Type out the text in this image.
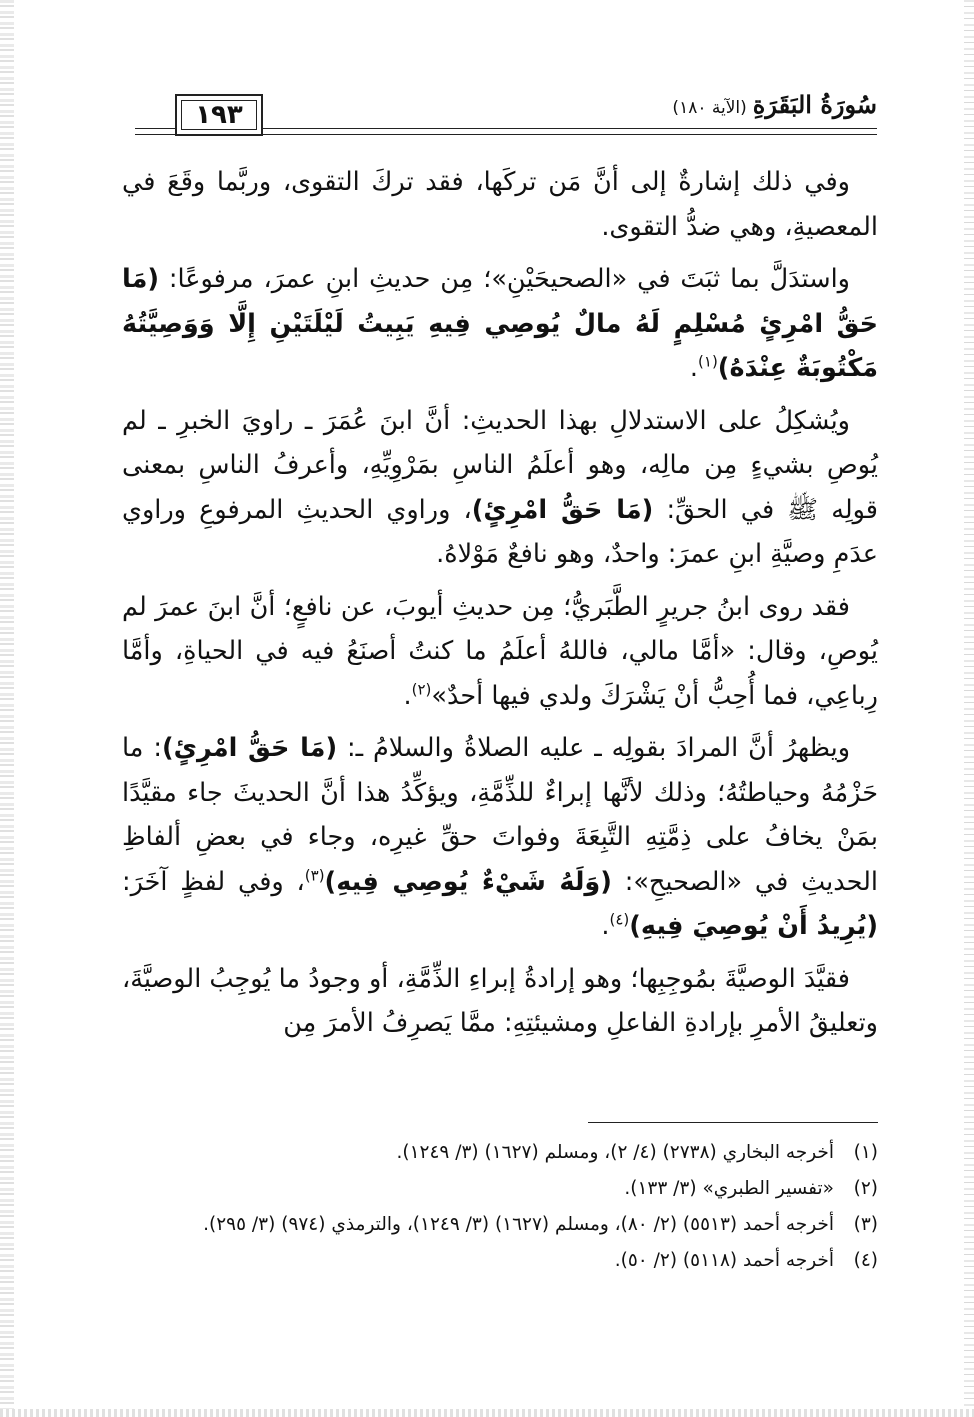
١٩٣	سُورَةُ البَقَرَةِ(الآية ١٨٠)

وفي ذلك إشارةٌ إلى أنَّ مَن تركَها، فقد تركَ التقوى، وربَّما وقَعَ في المعصيةِ، وهي ضدُّ التقوى.

واستدَلَّ بما ثبَتَ في «الصحيحَيْنِ»؛ مِن حديثِ ابنِ عمرَ، مرفوعًا: (مَا حَقُّ امْرِئٍ مُسْلِمٍ لَهُ مالٌ يُوصِي فِيهِ يَبِيتُ لَيْلَتَيْنِ إِلَّا وَوَصِيَّتُهُ مَكْتُوبَةٌ عِنْدَهُ)$^{(١)}$.

ويُشكِلُ على الاستدلالِ بهذا الحديثِ: أنَّ ابنَ عُمَرَ ـ راويَ الخبرِ ـ لم يُوصِ بشيءٍ مِن مالِه، وهو أعلَمُ الناسِ بمَرْوِيِّهِ، وأعرفُ الناسِ بمعنى قولِه ﷺ في الحقِّ: (مَا حَقُّ امْرِئٍ)، وراوي الحديثِ المرفوعِ وراوي عدَمِ وصيَّةِ ابنِ عمرَ: واحدٌ، وهو نافعٌ مَوْلاهُ.

فقد روى ابنُ جريرٍ الطَّبَريُّ؛ مِن حديثِ أيوبَ، عن نافعٍ؛ أنَّ ابنَ عمرَ لم يُوصِ، وقال: «أمَّا مالي، فاللهُ أعلَمُ ما كنتُ أصنَعُ فيه في الحياةِ، وأمَّا رِباعِي، فما أُحِبُّ أنْ يَشْرَكَ ولدي فيها أحدٌ»$^{(٢)}$.

ويظهرُ أنَّ المرادَ بقولِه ـ عليه الصلاةُ والسلامُ ـ: (مَا حَقُّ امْرِئٍ): ما حَزْمُهُ وحياطتُهُ؛ وذلك لأنَّها إبراءٌ للذِّمَّةِ، ويؤكِّدُ هذا أنَّ الحديثَ جاء مقيَّدًا بمَنْ يخافُ على ذِمَّتِهِ التَّبِعَةَ وفواتَ حقِّ غيرِه، وجاء في بعضِ ألفاظِ الحديثِ في «الصحيحِ»: (وَلَهُ شَيْءٌ يُوصِي فِيهِ)$^{(٣)}$، وفي لفظٍ آخَرَ: (يُرِيدُ أَنْ يُوصِيَ فِيهِ)$^{(٤)}$.

فقيَّدَ الوصيَّةَ بمُوجِبِها؛ وهو إرادةُ إبراءِ الذِّمَّةِ، أو وجودُ ما يُوجِبُ الوصيَّةَ، وتعليقُ الأمرِ بإرادةِ الفاعلِ ومشيئتِهِ: ممَّا يَصرِفُ الأمرَ مِن

(١)
أخرجه البخاري (٢٧٣٨) (٤/ ٢)، ومسلم (١٦٢٧) (٣/ ١٢٤٩).
(٢)
«تفسير الطبري» (٣/ ١٣٣).
(٣)
أخرجه أحمد (٥٥١٣) (٢/ ٨٠)، ومسلم (١٦٢٧) (٣/ ١٢٤٩)، والترمذي (٩٧٤) (٣/ ٢٩٥).
(٤)
أخرجه أحمد (٥١١٨) (٢/ ٥٠).
